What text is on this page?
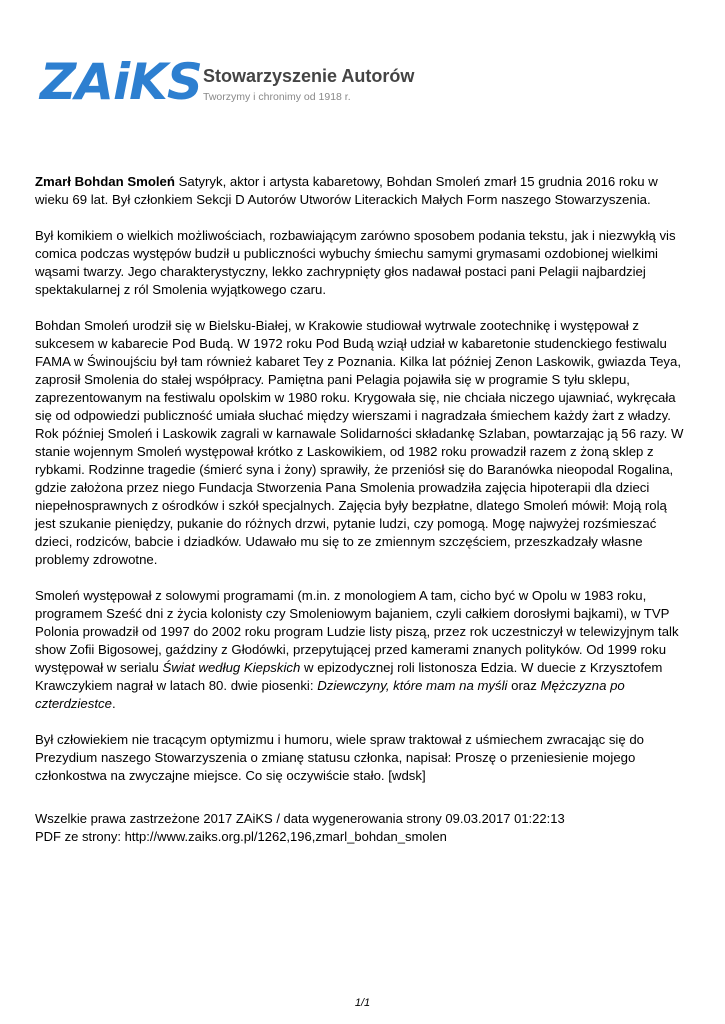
ZAiKS Stowarzyszenie Autorów
Tworzymy i chronimy od 1918 r.

Zmarł Bohdan Smoleń Satyryk, aktor i artysta kabaretowy, Bohdan Smoleń zmarł 15 grudnia 2016 roku w wieku 69 lat. Był członkiem Sekcji D Autorów Utworów Literackich Małych Form naszego Stowarzyszenia.

Był komikiem o wielkich możliwościach, rozbawiającym zarówno sposobem podania tekstu, jak i niezwykłą vis comica podczas występów budził u publiczności wybuchy śmiechu samymi grymasami ozdobionej wielkimi wąsami twarzy. Jego charakterystyczny, lekko zachrypnięty głos nadawał postaci pani Pelagii najbardziej spektakularnej z ról Smolenia wyjątkowego czaru.

Bohdan Smoleń urodził się w Bielsku-Białej, w Krakowie studiował wytrwale zootechnikę i występował z sukcesem w kabarecie Pod Budą. W 1972 roku Pod Budą wziął udział w kabaretonie studenckiego festiwalu FAMA w Świnoujściu był tam również kabaret Tey z Poznania. Kilka lat później Zenon Laskowik, gwiazda Teya, zaprosił Smolenia do stałej współpracy. Pamiętna pani Pelagia pojawiła się w programie S tyłu sklepu, zaprezentowanym na festiwalu opolskim w 1980 roku. Krygowała się, nie chciała niczego ujawniać, wykręcała się od odpowiedzi publiczność umiała słuchać między wierszami i nagradzała śmiechem każdy żart z władzy. Rok później Smoleń i Laskowik zagrali w karnawale Solidarności składankę Szlaban, powtarzając ją 56 razy. W stanie wojennym Smoleń występował krótko z Laskowikiem, od 1982 roku prowadził razem z żoną sklep z rybkami. Rodzinne tragedie (śmierć syna i żony) sprawiły, że przeniósł się do Baranówka nieopodal Rogalina, gdzie założona przez niego Fundacja Stworzenia Pana Smolenia prowadziła zajęcia hipoterapii dla dzieci niepełnosprawnych z ośrodków i szkół specjalnych. Zajęcia były bezpłatne, dlatego Smoleń mówił: Moją rolą jest szukanie pieniędzy, pukanie do różnych drzwi, pytanie ludzi, czy pomogą. Mogę najwyżej rozśmieszać dzieci, rodziców, babcie i dziadków. Udawało mu się to ze zmiennym szczęściem, przeszkadzały własne problemy zdrowotne.

Smoleń występował z solowymi programami (m.in. z monologiem A tam, cicho być w Opolu w 1983 roku, programem Sześć dni z życia kolonisty czy Smoleniowym bajaniem, czyli całkiem dorosłymi bajkami), w TVP Polonia prowadził od 1997 do 2002 roku program Ludzie listy piszą, przez rok uczestniczył w telewizyjnym talk show Zofii Bigosowej, gaździny z Głodówki, przepytującej przed kamerami znanych polityków. Od 1999 roku występował w serialu Świat według Kiepskich w epizodycznej roli listonosza Edzia. W duecie z Krzysztofem Krawczykiem nagrał w latach 80. dwie piosenki: Dziewczyny, które mam na myśli oraz Mężczyzna po czterdziestce.

Był człowiekiem nie tracącym optymizmu i humoru, wiele spraw traktował z uśmiechem zwracając się do Prezydium naszego Stowarzyszenia o zmianę statusu członka, napisał: Proszę o przeniesienie mojego członkostwa na zwyczajne miejsce. Co się oczywiście stało. [wdsk]

Wszelkie prawa zastrzeżone 2017 ZAiKS / data wygenerowania strony 09.03.2017 01:22:13
PDF ze strony: http://www.zaiks.org.pl/1262,196,zmarl_bohdan_smolen
1/1
